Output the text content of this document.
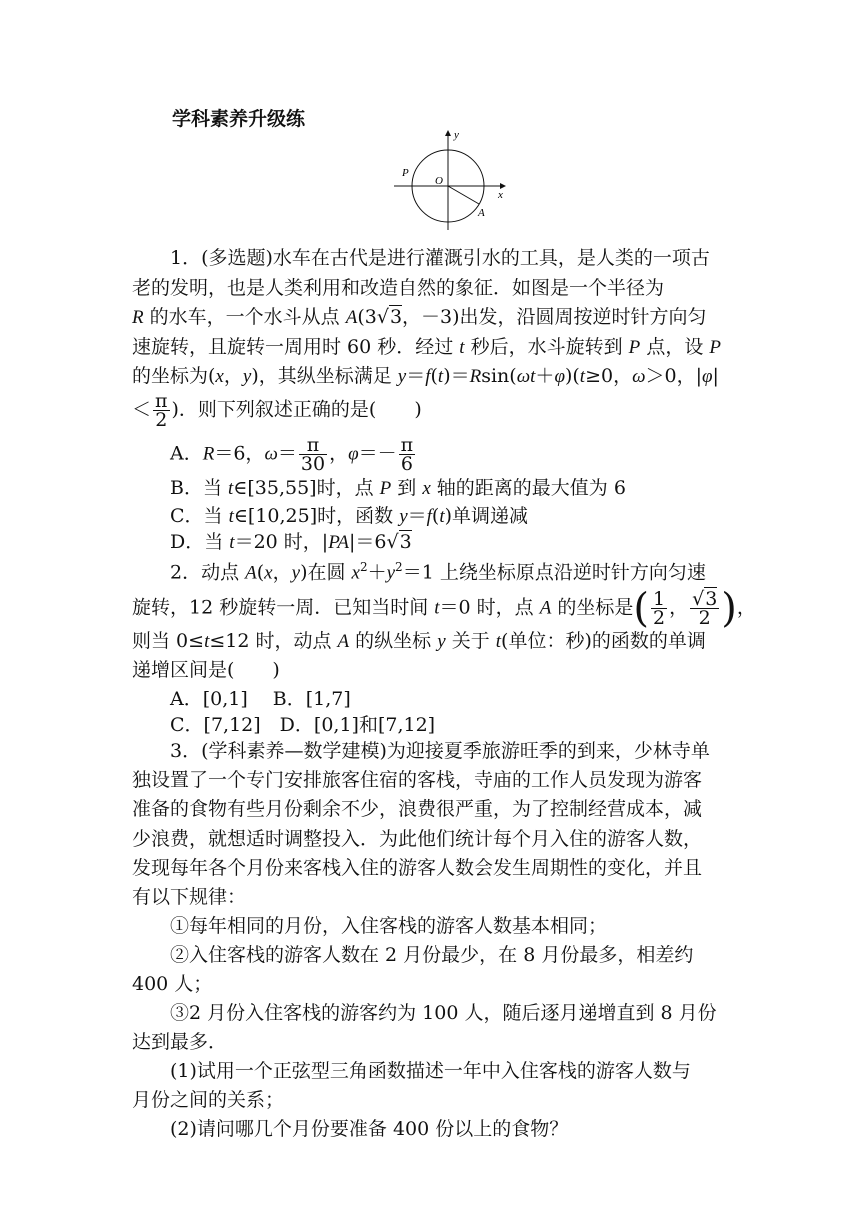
学科素养升级练
y
x
O
P
A
1．(多选题)水车在古代是进行灌溉引水的工具，是人类的一项古
老的发明，也是人类利用和改造自然的象征．如图是一个半径为
R 的水车，一个水斗从点 A(3√3，－3)出发，沿圆周按逆时针方向匀
速旋转，且旋转一周用时 60 秒．经过 t 秒后，水斗旋转到 P 点，设 P
的坐标为(x，y)，其纵坐标满足 y＝f(t)＝Rsin(ωt＋φ)(t≥0，ω＞0，|φ|
＜ $\frac{\pi}{2}$ )．则下列叙述正确的是(　　)
A．R＝6，$\omega= \frac{\pi}{30}$ ，$\varphi=- \frac{\pi}{6}$
B．当 t∈[35,55]时，点 P 到 x 轴的距离的最大值为 6
C．当 t∈[10,25]时，函数 y＝f(t)单调递减
D．当 t＝20 时，|PA|＝6√3
2．动点 A(x，y)在圆 $x^2+y^2=1$ 上绕坐标原点沿逆时针方向匀速
旋转，12 秒旋转一周．已知当时间 t＝0 时，点 A 的坐标是( $\frac{1}{2}$ ， $\frac{√3}{2}$ )，
则当 0≤t≤12 时，动点 A 的纵坐标 y 关于 t(单位：秒)的函数的单调
递增区间是(　　)
A．[0,1]　 B．[1,7]
C．[7,12]　D．[0,1]和[7,12]
3．(学科素养—数学建模)为迎接夏季旅游旺季的到来，少林寺单
独设置了一个专门安排旅客住宿的客栈，寺庙的工作人员发现为游客
准备的食物有些月份剩余不少，浪费很严重，为了控制经营成本，减
少浪费，就想适时调整投入．为此他们统计每个月入住的游客人数，
发现每年各个月份来客栈入住的游客人数会发生周期性的变化，并且
有以下规律：
①每年相同的月份，入住客栈的游客人数基本相同；
②入住客栈的游客人数在 2 月份最少，在 8 月份最多，相差约
400 人；
③2 月份入住客栈的游客约为 100 人，随后逐月递增直到 8 月份
达到最多．
(1)试用一个正弦型三角函数描述一年中入住客栈的游客人数与
月份之间的关系；
(2)请问哪几个月份要准备 400 份以上的食物？
